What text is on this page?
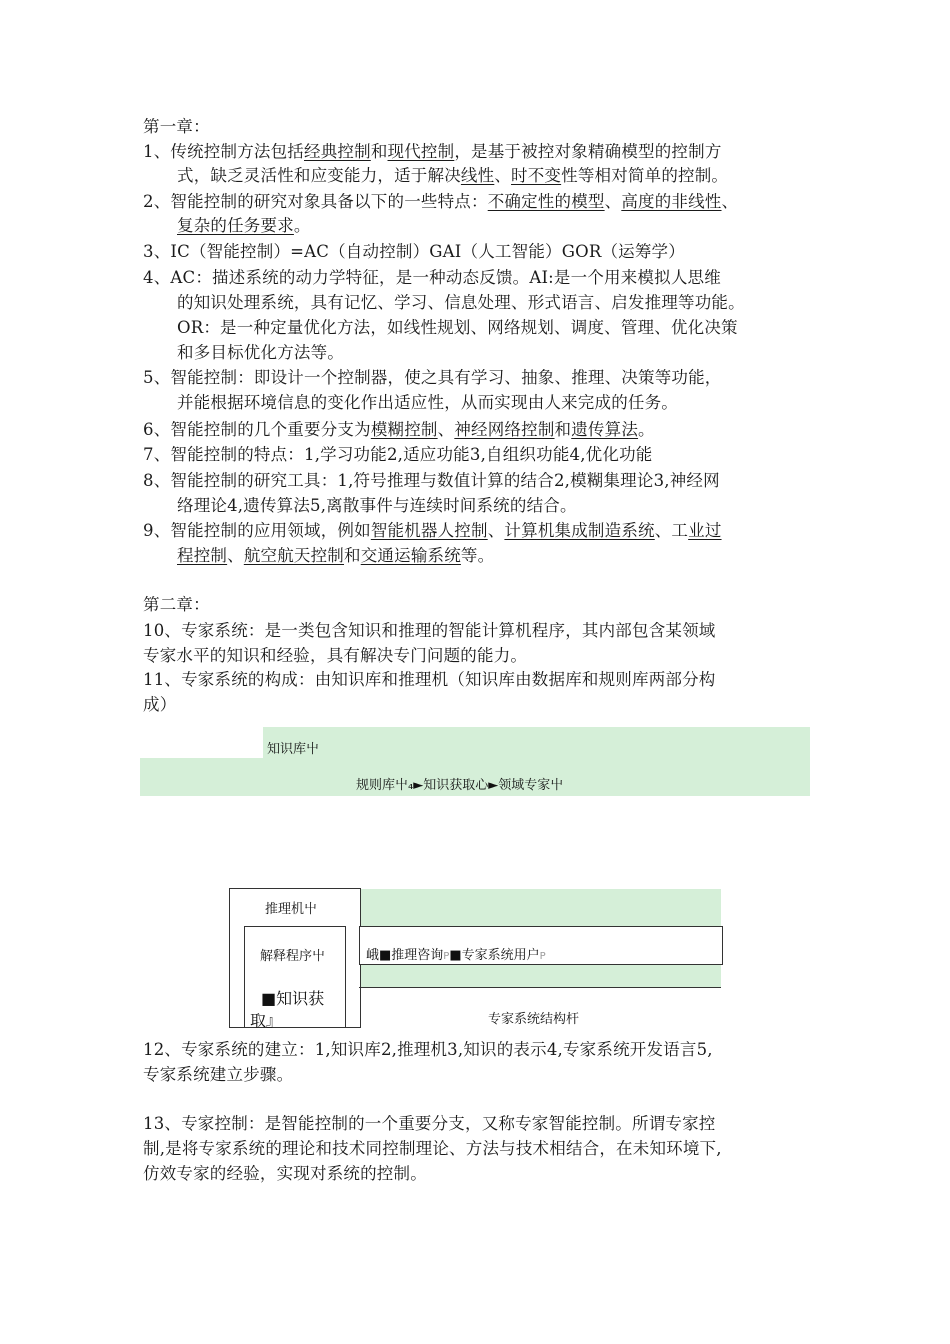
第一章：
1、传统控制方法包括经典控制和现代控制，是基于被控对象精确模型的控制方
式，缺乏灵活性和应变能力，适于解决线性、时不变性等相对简单的控制。
2、智能控制的研究对象具备以下的一些特点：不确定性的模型、高度的非线性、
复杂的任务要求。
3、IC（智能控制）=AC（自动控制）GAI（人工智能）GOR（运筹学）
4、AC：描述系统的动力学特征，是一种动态反馈。AI:是一个用来模拟人思维
的知识处理系统，具有记忆、学习、信息处理、形式语言、启发推理等功能。
OR：是一种定量优化方法，如线性规划、网络规划、调度、管理、优化决策
和多目标优化方法等。
5、智能控制：即设计一个控制器，使之具有学习、抽象、推理、决策等功能，
并能根据环境信息的变化作出适应性，从而实现由人来完成的任务。
6、智能控制的几个重要分支为模糊控制、神经网络控制和遗传算法。
7、智能控制的特点：1,学习功能2,适应功能3,自组织功能4,优化功能
8、智能控制的研究工具：1,符号推理与数值计算的结合2,模糊集理论3,神经网
络理论4,遗传算法5,离散事件与连续时间系统的结合。
9、智能控制的应用领域，例如智能机器人控制、计算机集成制造系统、工业过
程控制、航空航天控制和交通运输系统等。
第二章：
10、专家系统：是一类包含知识和推理的智能计算机程序，其内部包含某领域
专家水平的知识和经验，具有解决专门问题的能力。
11、专家系统的构成：由知识库和推理机（知识库由数据库和规则库两部分构
成）
知识库屮
规则库屮₄►知识获取心►领域专家屮
推理机屮
解释程序屮	峨■推理咨询P■专家系统用户P
■知识获
取』	专家系统结构杆
12、专家系统的建立：1,知识库2,推理机3,知识的表示4,专家系统开发语言5,
专家系统建立步骤。
13、专家控制：是智能控制的一个重要分支，又称专家智能控制。所谓专家控
制,是将专家系统的理论和技术同控制理论、方法与技术相结合，在未知环境下,
仿效专家的经验，实现对系统的控制。
